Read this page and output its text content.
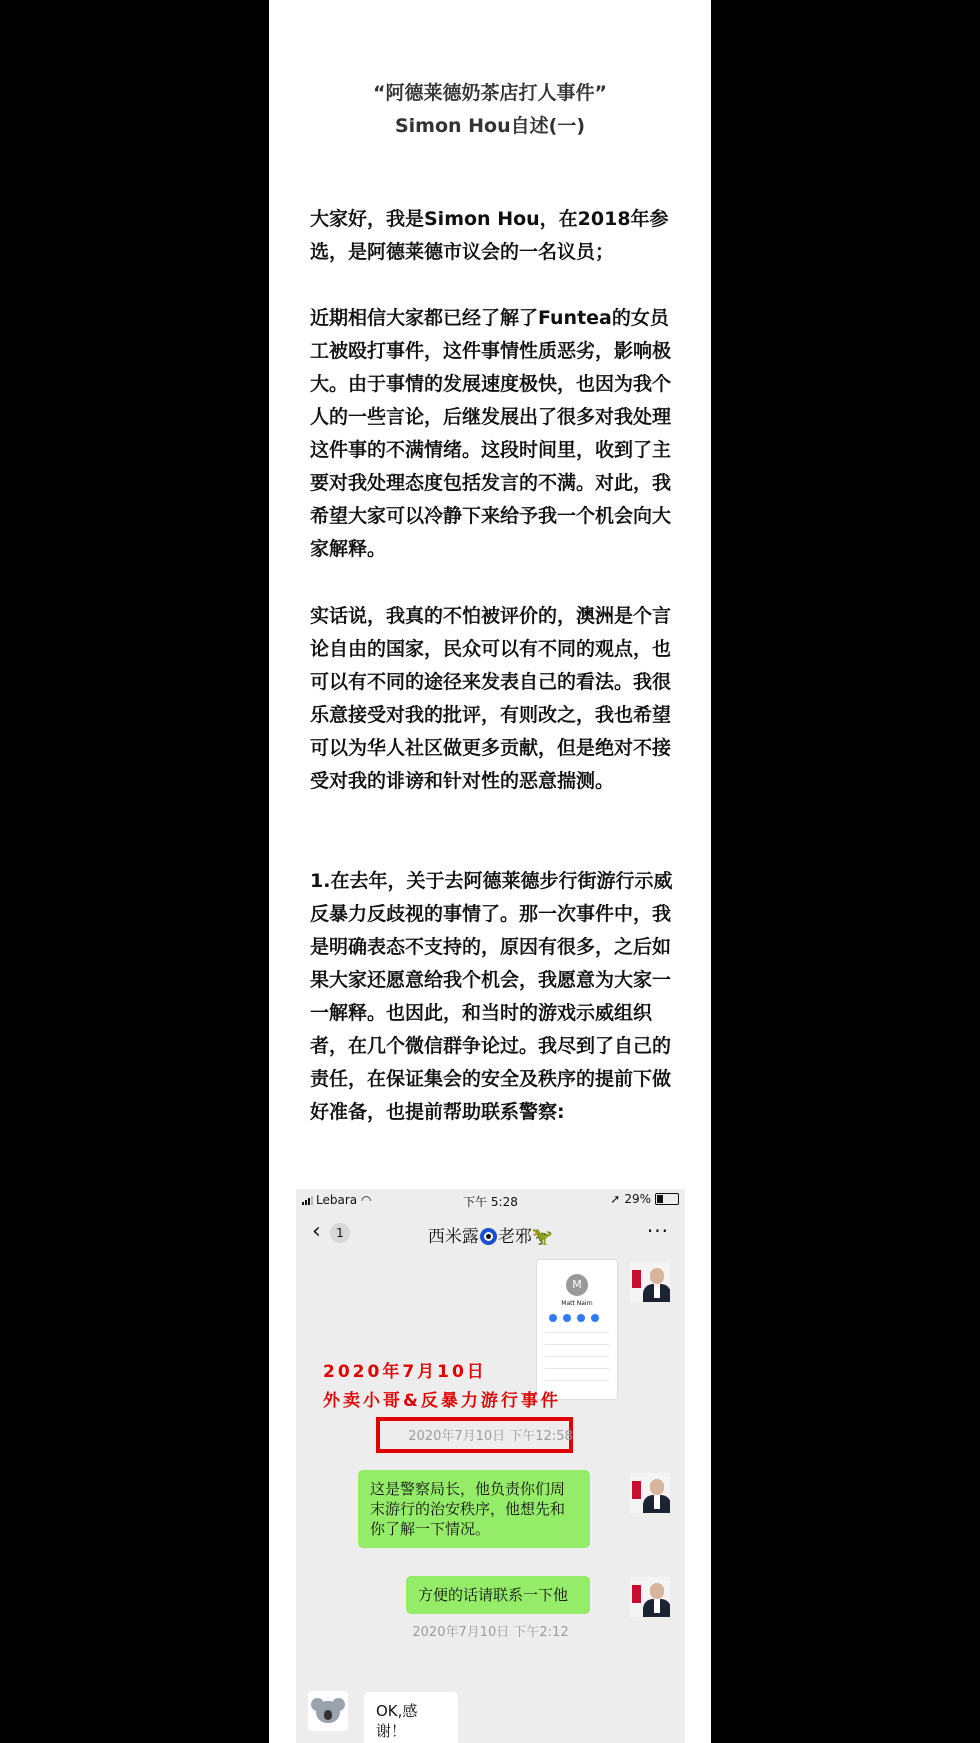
“阿德莱德奶茶店打人事件”
Simon Hou自述(一)

大家好，我是Simon Hou，在2018年参选，是阿德莱德市议会的一名议员；

近期相信大家都已经了解了Funtea的女员工被殴打事件，这件事情性质恶劣，影响极大。由于事情的发展速度极快，也因为我个人的一些言论，后继发展出了很多对我处理这件事的不满情绪。这段时间里，收到了主要对我处理态度包括发言的不满。对此，我希望大家可以冷静下来给予我一个机会向大家解释。

实话说，我真的不怕被评价的，澳洲是个言论自由的国家，民众可以有不同的观点，也可以有不同的途径来发表自己的看法。我很乐意接受对我的批评，有则改之，我也希望可以为华人社区做更多贡献，但是绝对不接受对我的诽谤和针对性的恶意揣测。

1.在去年，关于去阿德莱德步行街游行示威反暴力反歧视的事情了。那一次事件中，我是明确表态不支持的，原因有很多，之后如果大家还愿意给我个机会，我愿意为大家一一解释。也因此，和当时的游戏示威组织者，在几个微信群争论过。我尽到了自己的责任，在保证集会的安全及秩序的提前下做好准备，也提前帮助联系警察:

Lebara ◠	下午 5:28	➚ 29%
‹	1	西米露 老邪🦖	···
M
Matt Nairn
2020年7月10日
外卖小哥&反暴力游行事件
2020年7月10日 下午12:58
这是警察局长，他负责你们周末游行的治安秩序，他想先和你了解一下情况。
方便的话请联系一下他
2020年7月10日 下午2:12
OK,感谢！
